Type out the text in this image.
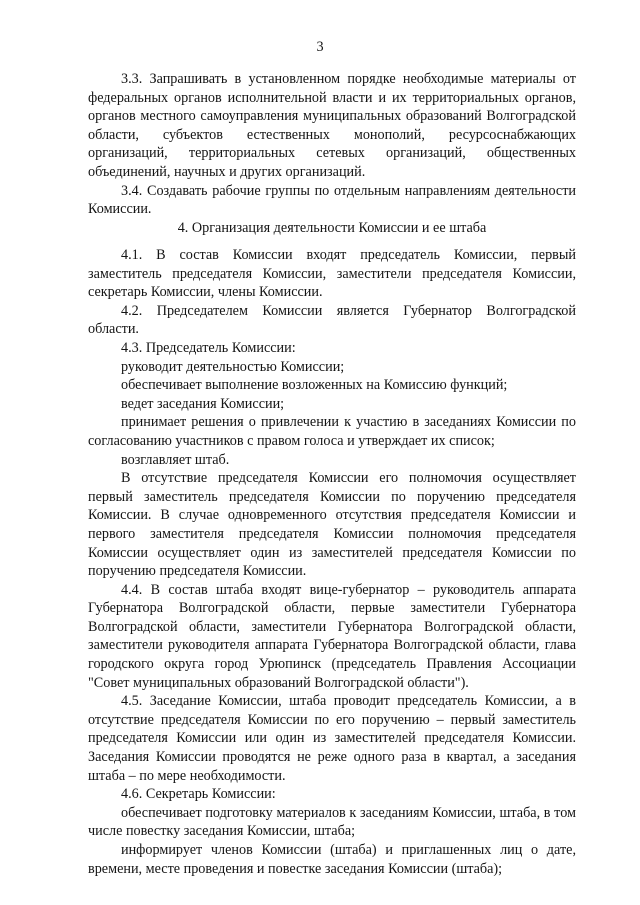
3

3.3. Запрашивать в установленном порядке необходимые материалы от федеральных органов исполнительной власти и их территориальных органов, органов местного самоуправления муниципальных образований Волгоградской области, субъектов естественных монополий, ресурсоснабжающих организаций, территориальных сетевых организаций, общественных объединений, научных и других организаций.

3.4. Создавать рабочие группы по отдельным направлениям деятельности Комиссии.

4. Организация деятельности Комиссии и ее штаба

4.1. В состав Комиссии входят председатель Комиссии, первый заместитель председателя Комиссии, заместители председателя Комиссии, секретарь Комиссии, члены Комиссии.

4.2. Председателем Комиссии является Губернатор Волгоградской области.

4.3. Председатель Комиссии:

руководит деятельностью Комиссии;

обеспечивает выполнение возложенных на Комиссию функций;

ведет заседания Комиссии;

принимает решения о привлечении к участию в заседаниях Комиссии по согласованию участников с правом голоса и утверждает их список;

возглавляет штаб.

В отсутствие председателя Комиссии его полномочия осуществляет первый заместитель председателя Комиссии по поручению председателя Комиссии. В случае одновременного отсутствия председателя Комиссии и первого заместителя председателя Комиссии полномочия председателя Комиссии осуществляет один из заместителей председателя Комиссии по поручению председателя Комиссии.

4.4. В состав штаба входят вице-губернатор – руководитель аппарата Губернатора Волгоградской области, первые заместители Губернатора Волгоградской области, заместители Губернатора Волгоградской области, заместители руководителя аппарата Губернатора Волгоградской области, глава городского округа город Урюпинск (председатель Правления Ассоциации "Совет муниципальных образований Волгоградской области").

4.5. Заседание Комиссии, штаба проводит председатель Комиссии, а в отсутствие председателя Комиссии по его поручению – первый заместитель председателя Комиссии или один из заместителей председателя Комиссии. Заседания Комиссии проводятся не реже одного раза в квартал, а заседания штаба – по мере необходимости.

4.6. Секретарь Комиссии:

обеспечивает подготовку материалов к заседаниям Комиссии, штаба, в том числе повестку заседания Комиссии, штаба;

информирует членов Комиссии (штаба) и приглашенных лиц о дате, времени, месте проведения и повестке заседания Комиссии (штаба);
